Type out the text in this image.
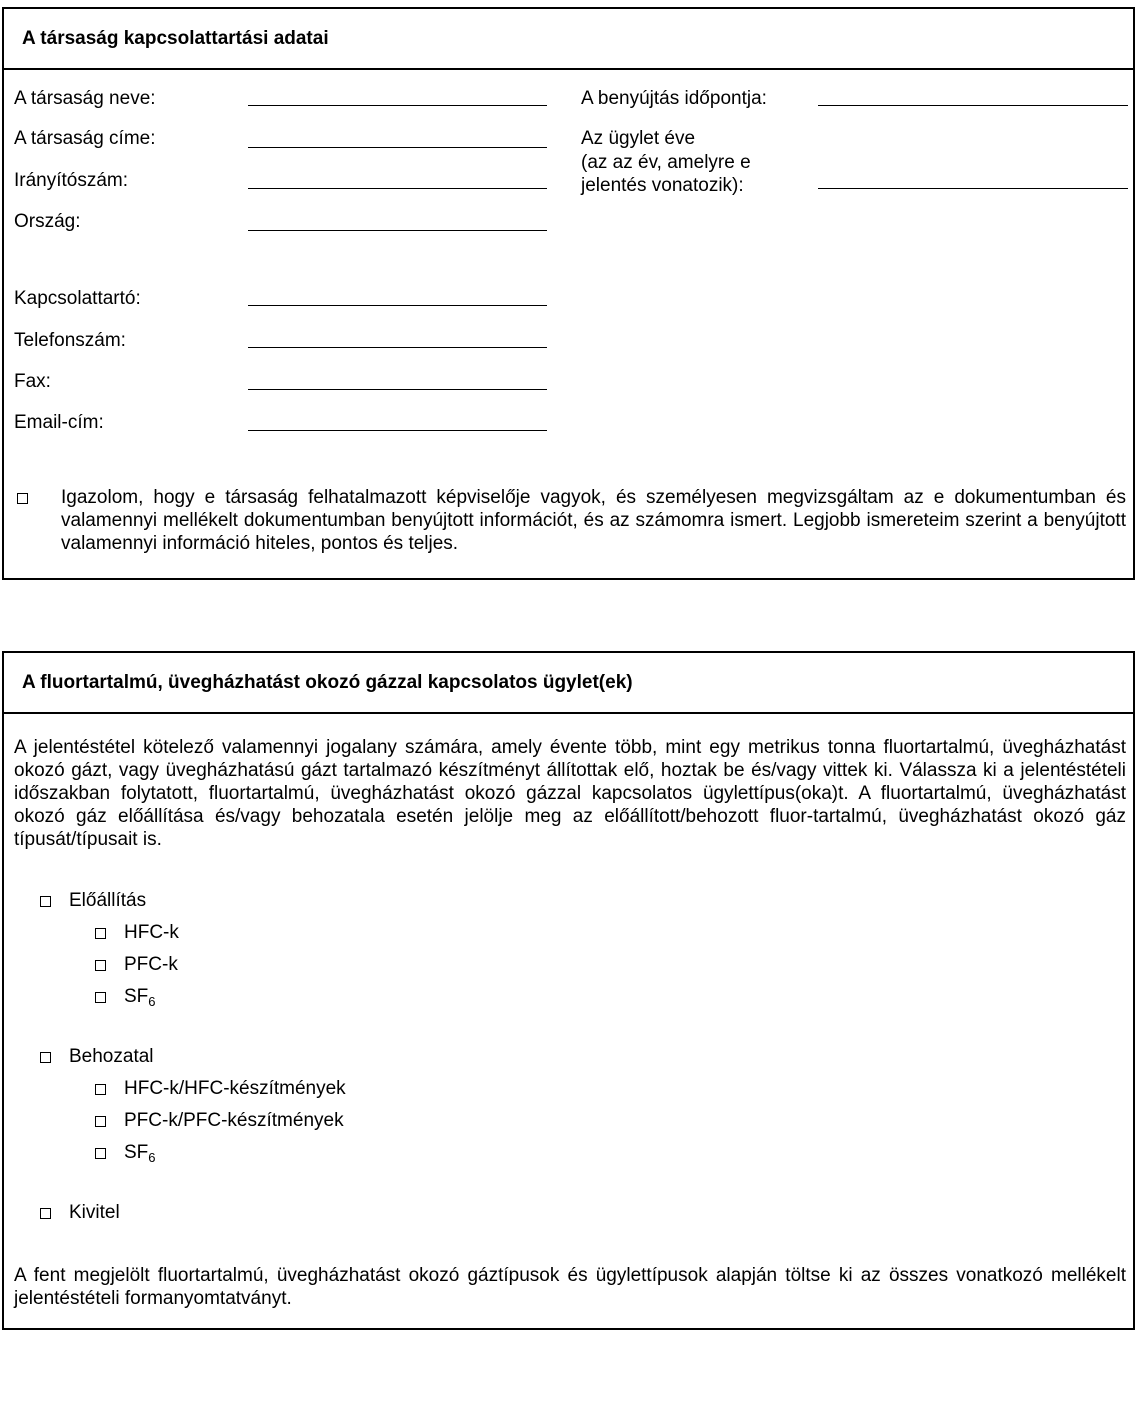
A társaság kapcsolattartási adatai
A társaság neve:
A társaság címe:
Irányítószám:
Ország:
Kapcsolattartó:
Telefonszám:
Fax:
Email-cím:
A benyújtás időpontja:
Az ügylet éve
(az az év, amelyre e
jelentés vonatozik):
Igazolom, hogy e társaság felhatalmazott képviselője vagyok, és személyesen megvizsgáltam az e dokumentumban és valamennyi mellékelt dokumentumban benyújtott információt, és az számomra ismert. Legjobb ismereteim szerint a benyújtott valamennyi információ hiteles, pontos és teljes.
A fluortartalmú, üvegházhatást okozó gázzal kapcsolatos ügylet(ek)
A jelentéstétel kötelező valamennyi jogalany számára, amely évente több, mint egy metrikus tonna fluortartalmú, üvegházhatást okozó gázt, vagy üvegházhatású gázt tartalmazó készítményt állítottak elő, hoztak be és/vagy vittek ki. Válassza ki a jelentéstételi időszakban folytatott, fluortartalmú, üvegházhatást okozó gázzal kapcsolatos ügylettípus(oka)t. A fluortartalmú, üvegházhatást okozó gáz előállítása és/vagy behozatala esetén jelölje meg az előállított/behozott fluor-tartalmú, üvegházhatást okozó gáz típusát/típusait is.
Előállítás
HFC-k
PFC-k
$SF_6$
Behozatal
HFC-k/HFC-készítmények
PFC-k/PFC-készítmények
$SF_6$
Kivitel
A fent megjelölt fluortartalmú, üvegházhatást okozó gáztípusok és ügylettípusok alapján töltse ki az összes vonatkozó mellékelt jelentéstételi formanyomtatványt.
